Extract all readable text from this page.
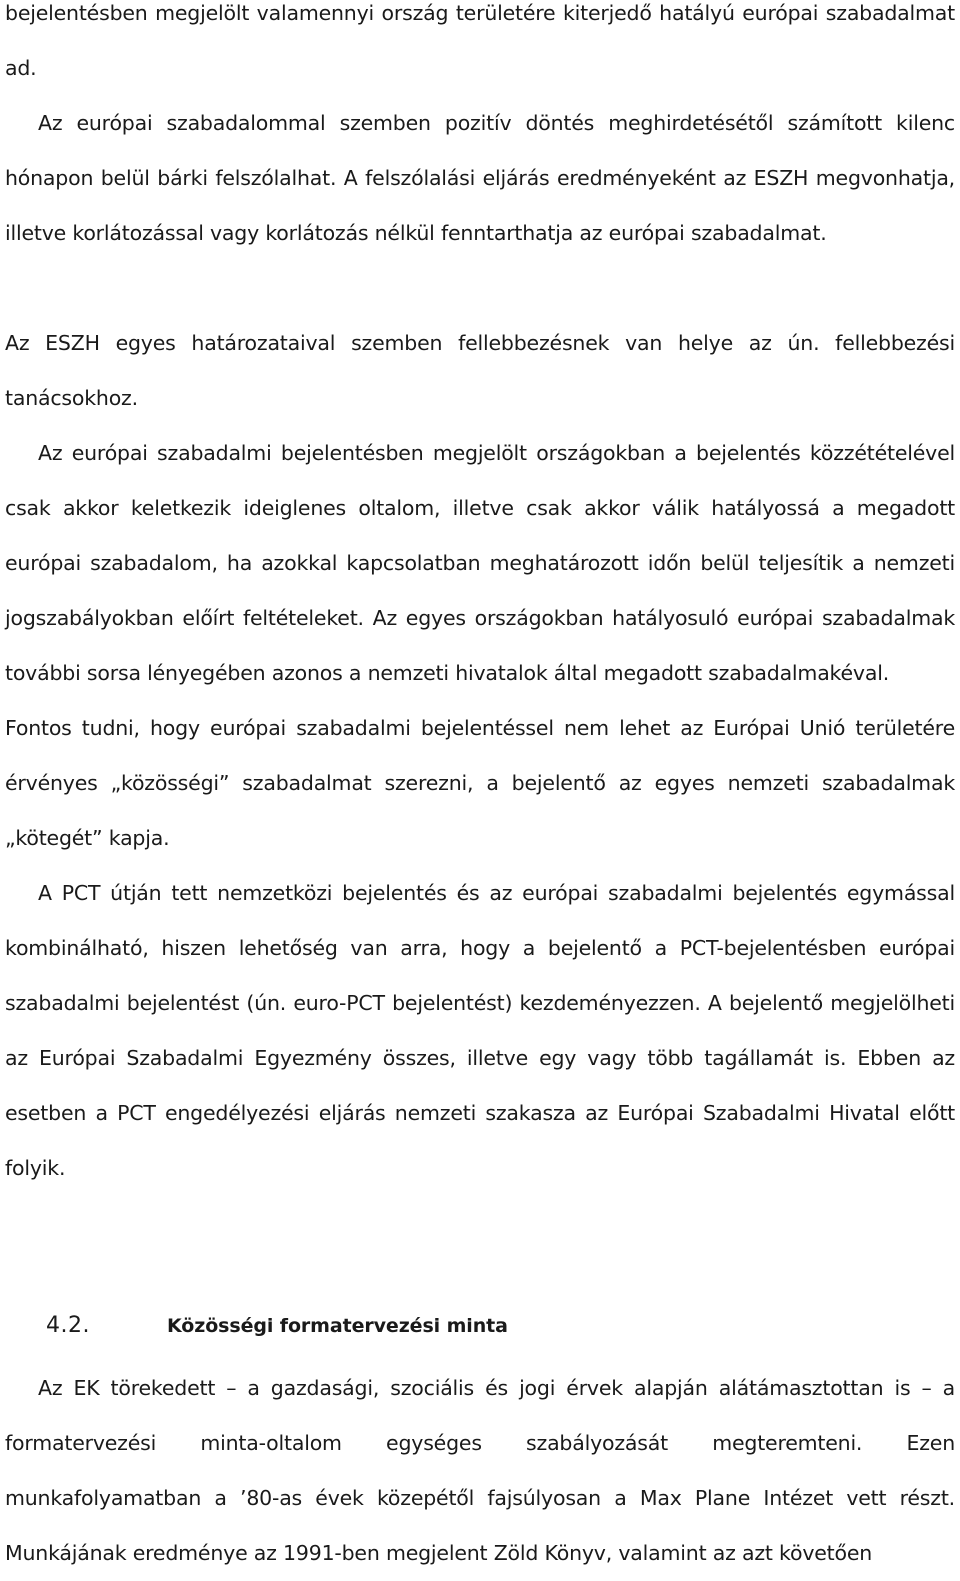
bejelentésben megjelölt valamennyi ország területére kiterjedő hatályú európai szabadalmat ad.

Az európai szabadalommal szemben pozitív döntés meghirdetésétől számított kilenc hónapon belül bárki felszólalhat. A felszólalási eljárás eredményeként az ESZH megvonhatja, illetve korlátozással vagy korlátozás nélkül fenntarthatja az európai szabadalmat.

Az ESZH egyes határozataival szemben fellebbezésnek van helye az ún. fellebbezési tanácsokhoz.

Az európai szabadalmi bejelentésben megjelölt országokban a bejelentés közzétételével csak akkor keletkezik ideiglenes oltalom, illetve csak akkor válik hatályossá a megadott európai szabadalom, ha azokkal kapcsolatban meghatározott időn belül teljesítik a nemzeti jogszabályokban előírt feltételeket. Az egyes országokban hatályosuló európai szabadalmak további sorsa lényegében azonos a nemzeti hivatalok által megadott szabadalmakéval.

Fontos tudni, hogy európai szabadalmi bejelentéssel nem lehet az Európai Unió területére érvényes „közösségi” szabadalmat szerezni, a bejelentő az egyes nemzeti szabadalmak „kötegét” kapja.

A PCT útján tett nemzetközi bejelentés és az európai szabadalmi bejelentés egymással kombinálható, hiszen lehetőség van arra, hogy a bejelentő a PCT-bejelentésben európai szabadalmi bejelentést (ún. euro-PCT bejelentést) kezdeményezzen. A bejelentő megjelölheti az Európai Szabadalmi Egyezmény összes, illetve egy vagy több tagállamát is. Ebben az esetben a PCT engedélyezési eljárás nemzeti szakasza az Európai Szabadalmi Hivatal előtt folyik.

4.2.	Közösségi formatervezési minta

Az EK törekedett – a gazdasági, szociális és jogi érvek alapján alátámasztottan is – a formatervezési minta-oltalom egységes szabályozását megteremteni. Ezen munkafolyamatban a ’80-as évek közepétől fajsúlyosan a Max Plane Intézet vett részt. Munkájának eredménye az 1991-ben megjelent Zöld Könyv, valamint az azt követően
